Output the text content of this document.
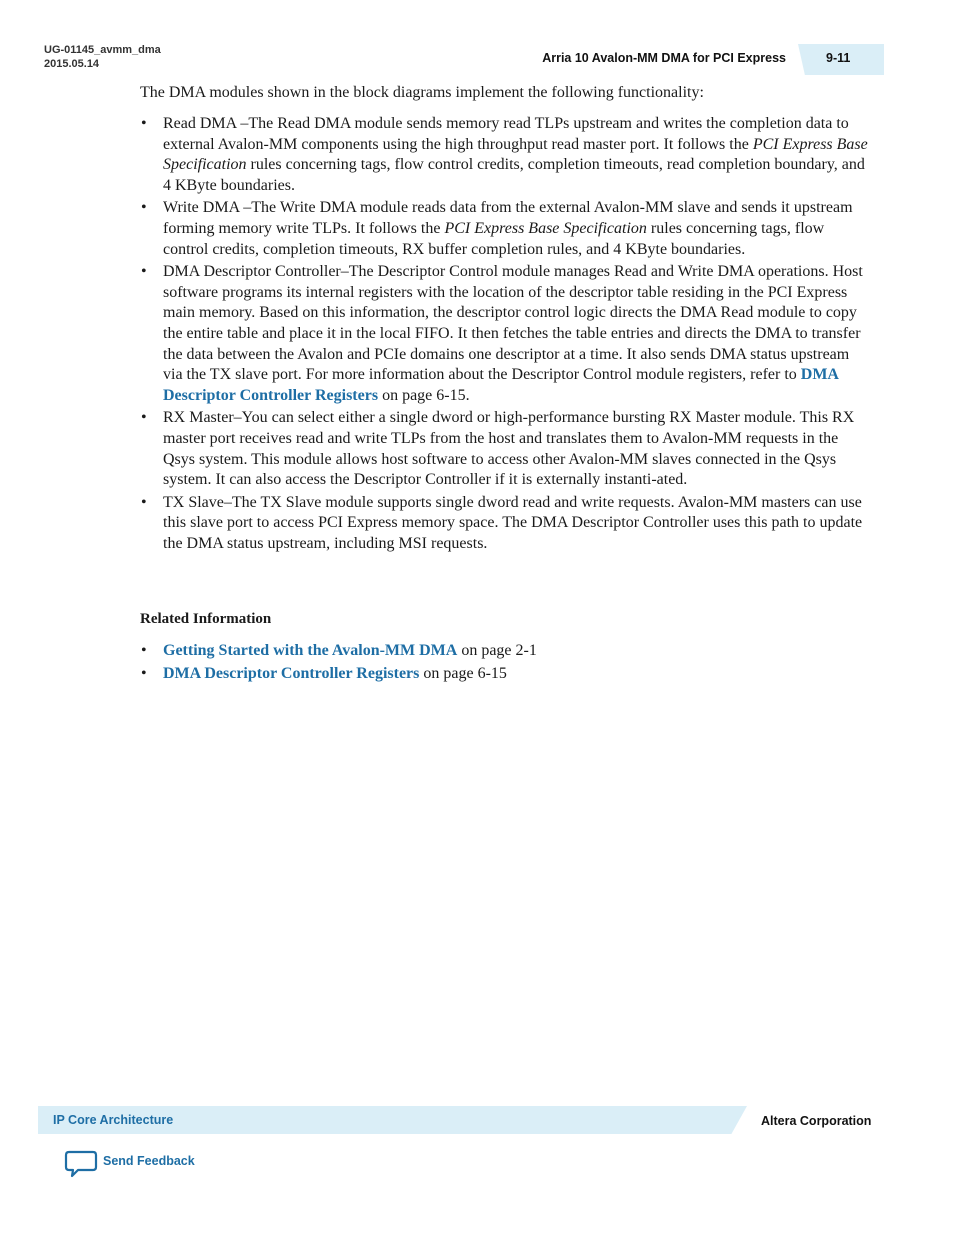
UG-01145_avmm_dma
2015.05.14	Arria 10 Avalon-MM DMA for PCI Express	9-11

The DMA modules shown in the block diagrams implement the following functionality:

• Read DMA –The Read DMA module sends memory read TLPs upstream and writes the completion data to external Avalon-MM components using the high throughput read master port. It follows the PCI Express Base Specification rules concerning tags, flow control credits, completion timeouts, read completion boundary, and 4 KByte boundaries.
• Write DMA –The Write DMA module reads data from the external Avalon-MM slave and sends it upstream forming memory write TLPs. It follows the PCI Express Base Specification rules concerning tags, flow control credits, completion timeouts, RX buffer completion rules, and 4 KByte boundaries.
• DMA Descriptor Controller–The Descriptor Control module manages Read and Write DMA operations. Host software programs its internal registers with the location of the descriptor table residing in the PCI Express main memory. Based on this information, the descriptor control logic directs the DMA Read module to copy the entire table and place it in the local FIFO. It then fetches the table entries and directs the DMA to transfer the data between the Avalon and PCIe domains one descriptor at a time. It also sends DMA status upstream via the TX slave port. For more information about the Descriptor Control module registers, refer to DMA Descriptor Controller Registers on page 6-15.
• RX Master–You can select either a single dword or high-performance bursting RX Master module. This RX master port receives read and write TLPs from the host and translates them to Avalon-MM requests in the Qsys system. This module allows host software to access other Avalon-MM slaves connected in the Qsys system. It can also access the Descriptor Controller if it is externally instanti-ated.
• TX Slave–The TX Slave module supports single dword read and write requests. Avalon-MM masters can use this slave port to access PCI Express memory space. The DMA Descriptor Controller uses this path to update the DMA status upstream, including MSI requests.
Related Information
• Getting Started with the Avalon-MM DMA on page 2-1
• DMA Descriptor Controller Registers on page 6-15
IP Core Architecture	Altera Corporation
Send Feedback
